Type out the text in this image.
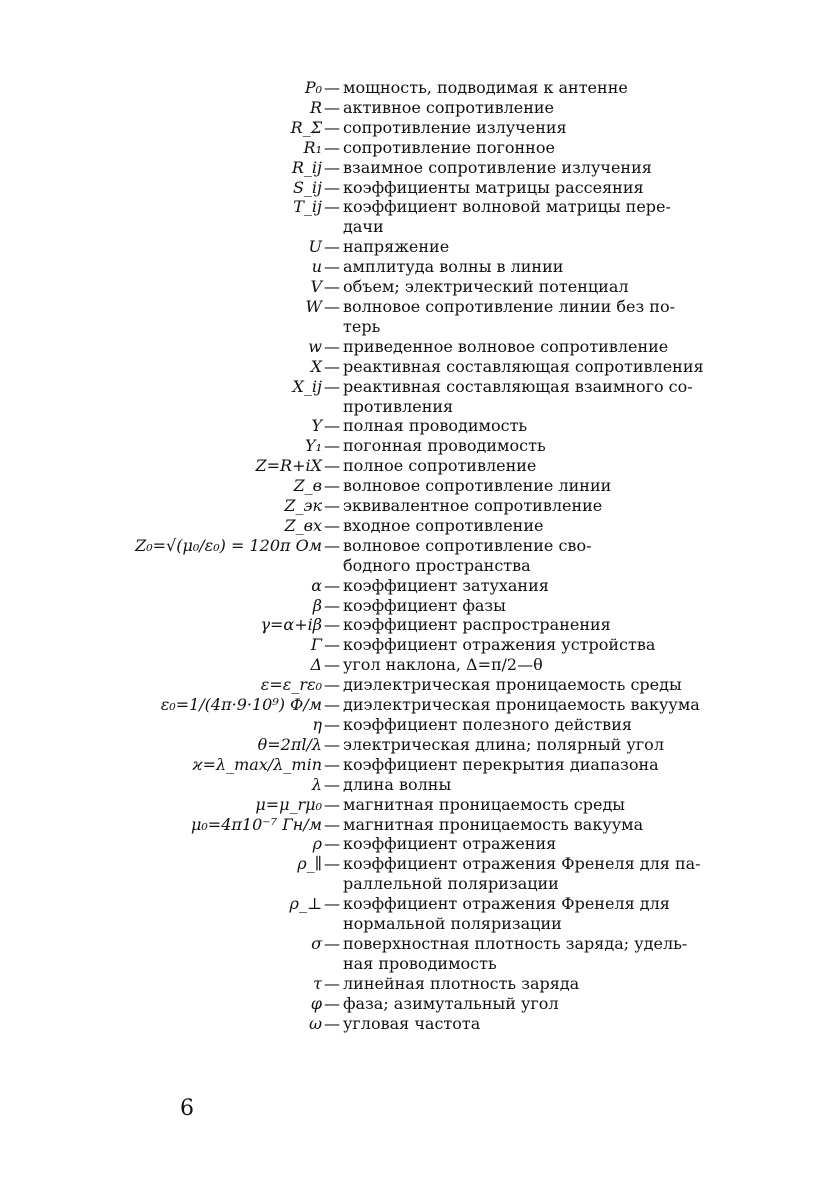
P₀ — мощность, подводимая к антенне
R — активное сопротивление
R_Σ — сопротивление излучения
R₁ — сопротивление погонное
R_ij — взаимное сопротивление излучения
S_ij — коэффициенты матрицы рассеяния
T_ij — коэффициент волновой матрицы пере-
дачи
U — напряжение
u — амплитуда волны в линии
V — объем; электрический потенциал
W — волновое сопротивление линии без по-
терь
w — приведенное волновое сопротивление
X — реактивная составляющая сопротивления
X_ij — реактивная составляющая взаимного со-
противления
Y — полная проводимость
Y₁ — погонная проводимость
Z=R+iX — полное сопротивление
Z_в — волновое сопротивление линии
Z_эк — эквивалентное сопротивление
Z_вх — входное сопротивление
Z₀=√(μ₀/ε₀) = 120π Ом — волновое сопротивление сво-
бодного пространства
α — коэффициент затухания
β — коэффициент фазы
γ=α+iβ — коэффициент распространения
Γ — коэффициент отражения устройства
Δ — угол наклона, Δ=π/2—θ
ε=ε_rε₀ — диэлектрическая проницаемость среды
ε₀=1/(4π·9·10⁹) Ф/м — диэлектрическая проницаемость вакуума
η — коэффициент полезного действия
θ=2πl/λ — электрическая длина; полярный угол
ϰ=λ_max/λ_min — коэффициент перекрытия диапазона
λ — длина волны
μ=μ_rμ₀ — магнитная проницаемость среды
μ₀=4π10⁻⁷ Гн/м — магнитная проницаемость вакуума
ρ — коэффициент отражения
ρ_∥ — коэффициент отражения Френеля для па-
раллельной поляризации
ρ_⊥ — коэффициент отражения Френеля для
нормальной поляризации
σ — поверхностная плотность заряда; удель-
ная проводимость
τ — линейная плотность заряда
φ — фаза; азимутальный угол
ω — угловая частота
6
